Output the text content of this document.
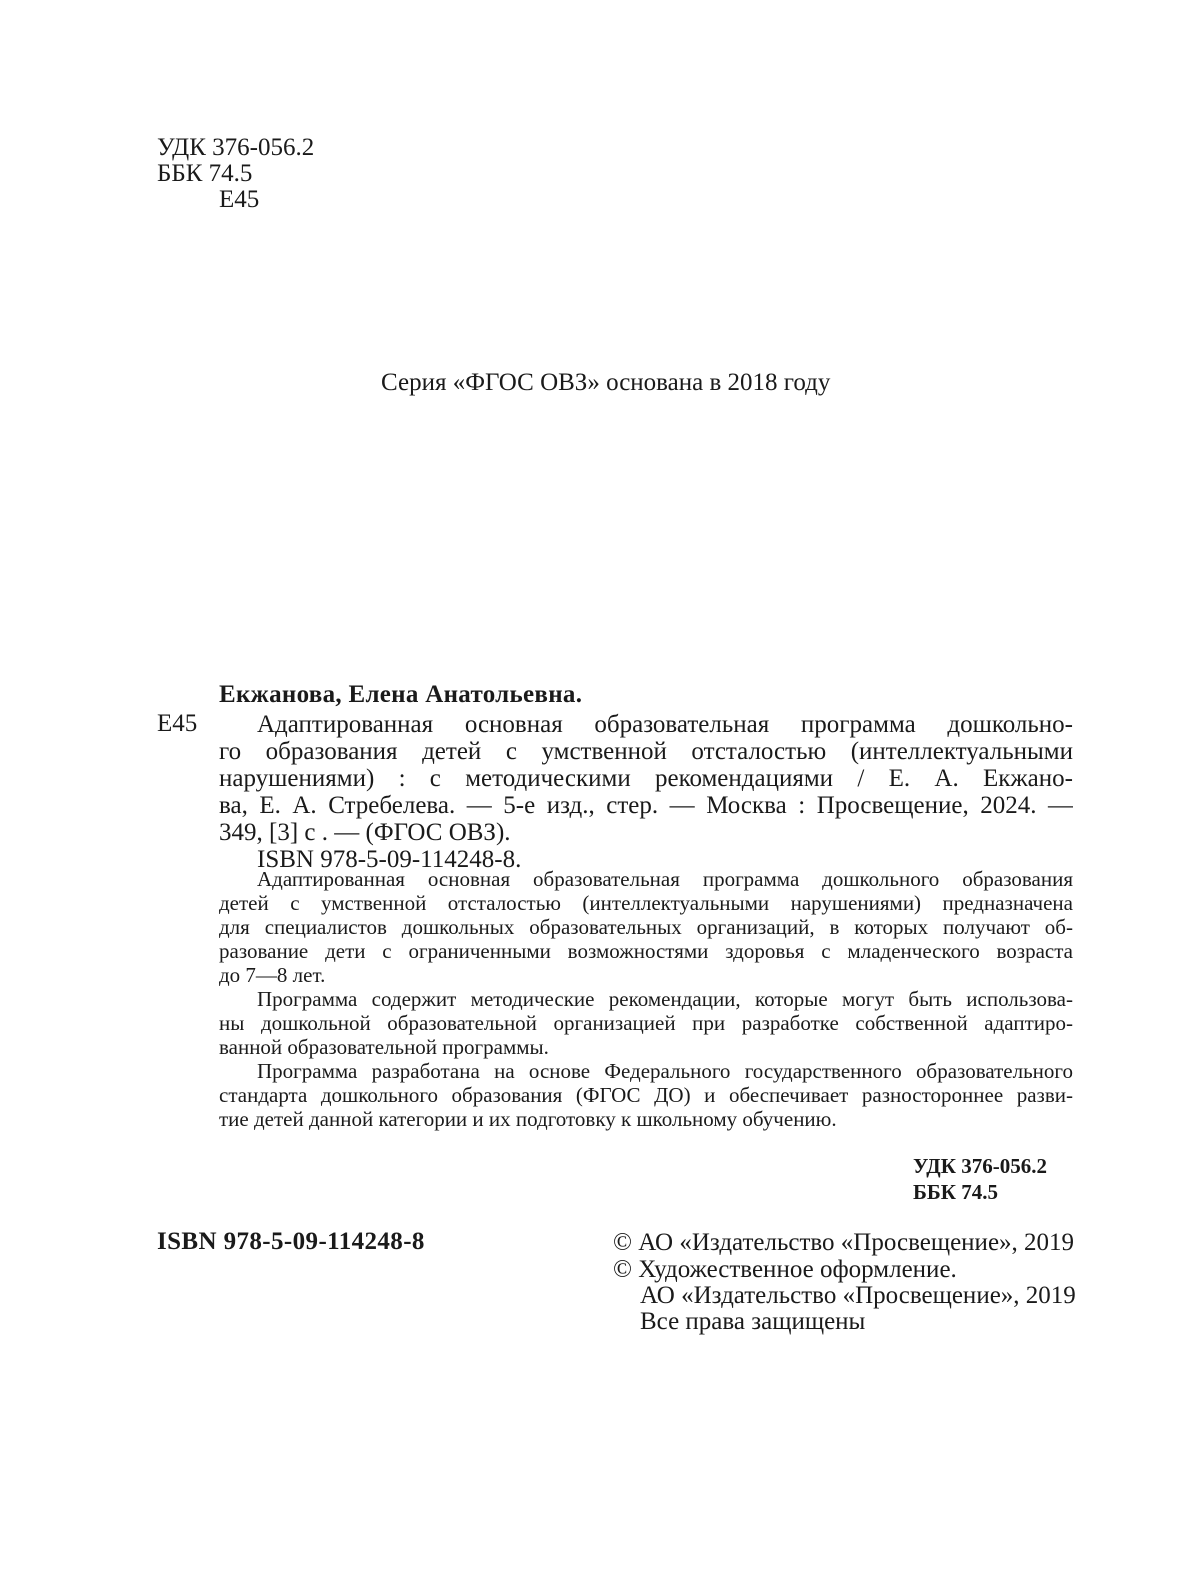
УДК 376-056.2
ББК 74.5
Е45
Серия «ФГОС ОВЗ» основана в 2018 году
Екжанова, Елена Анатольевна.
Е45 Адаптированная основная образовательная программа дошкольно-
го образования детей с умственной отсталостью (интеллектуальными
нарушениями) : с методическими рекомендациями / Е. А. Екжано-
ва, Е. А. Стребелева. — 5-е изд., стер. — Москва : Просвещение, 2024. —
349, [3] с . — (ФГОС ОВЗ).
ISBN 978-5-09-114248-8.
Адаптированная основная образовательная программа дошкольного образования
детей с умственной отсталостью (интеллектуальными нарушениями) предназначена
для специалистов дошкольных образовательных организаций, в которых получают об-
разование дети с ограниченными возможностями здоровья с младенческого возраста
до 7—8 лет.
Программа содержит методические рекомендации, которые могут быть использова-
ны дошкольной образовательной организацией при разработке собственной адаптиро-
ванной образовательной программы.
Программа разработана на основе Федерального государственного образовательного
стандарта дошкольного образования (ФГОС ДО) и обеспечивает разностороннее разви-
тие детей данной категории и их подготовку к школьному обучению.
УДК 376-056.2
ББК 74.5
ISBN 978-5-09-114248-8	© АО «Издательство «Просвещение», 2019
© Художественное оформление.
АО «Издательство «Просвещение», 2019
Все права защищены
